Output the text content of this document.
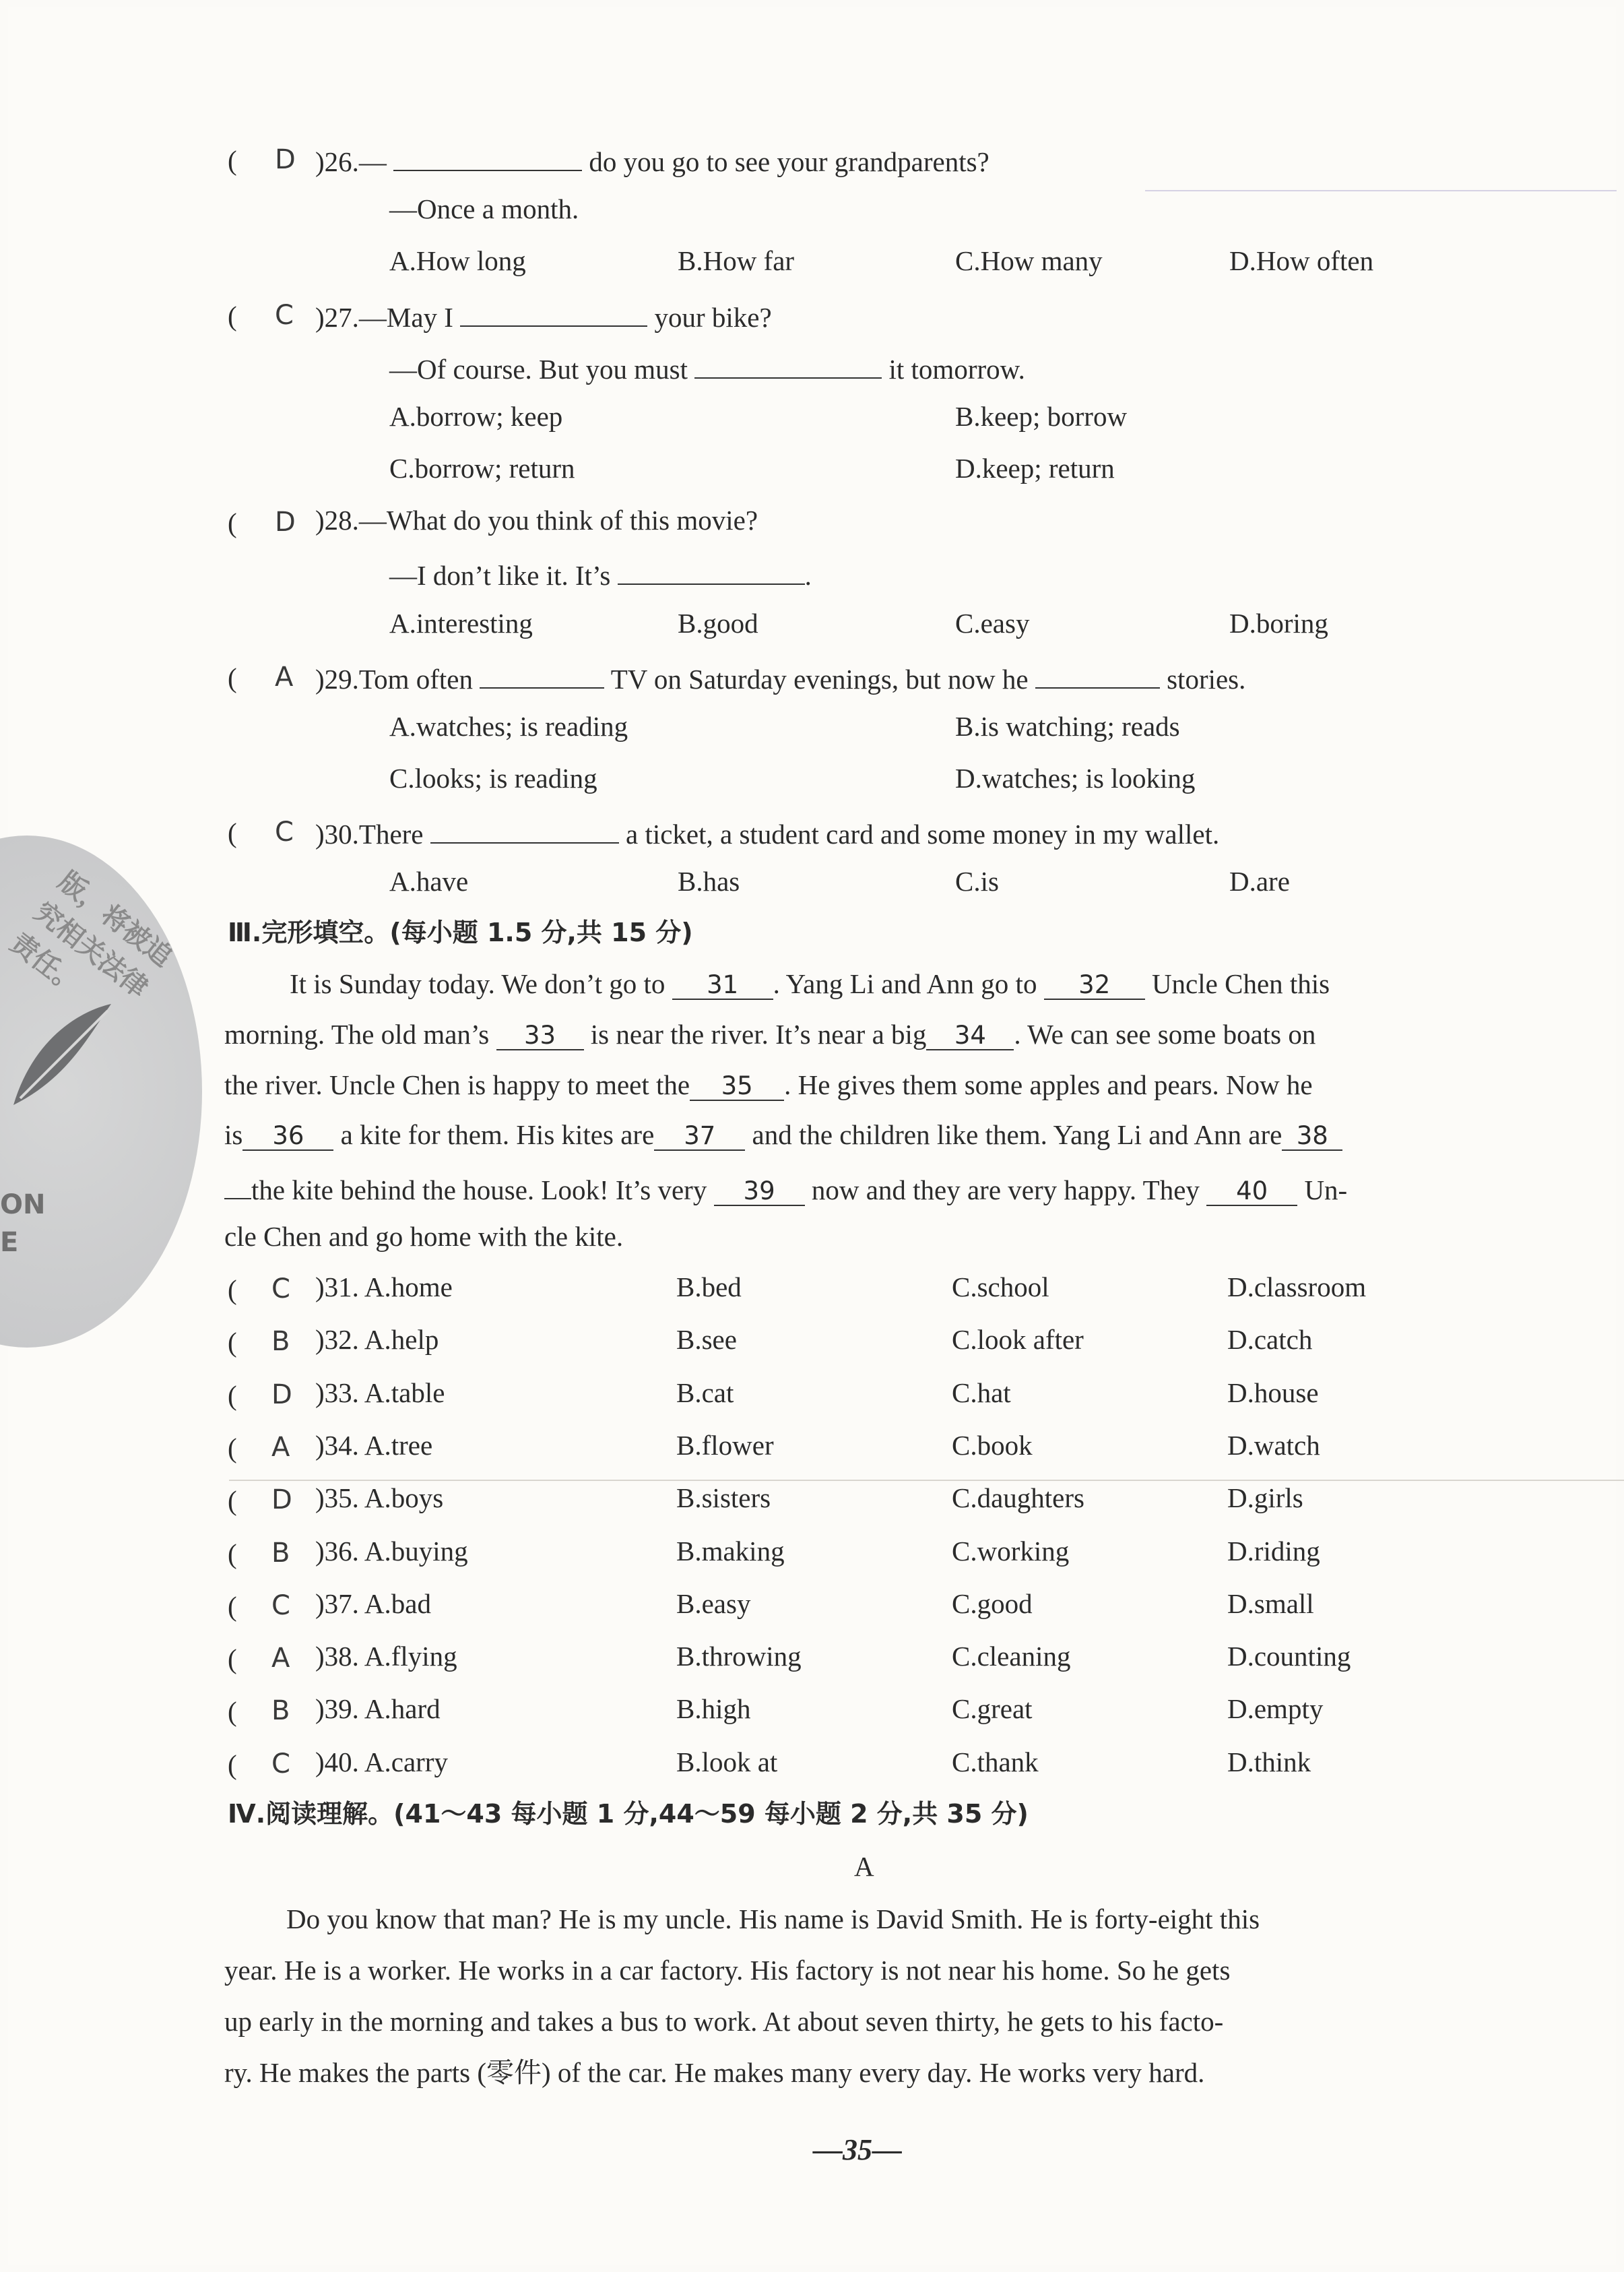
版，将被追究相关法律责任。
ON
E
( D )26.—	do you go to see your grandparents?
—Once a month.
A.How long	B.How far	C.How many	D.How often
( C )27.—May I	your bike?
—Of course. But you must	it tomorrow.
A.borrow; keep	B.keep; borrow
C.borrow; return	D.keep; return
( D )28.—What do you think of this movie?
—I don’t like it. It’s	.
A.interesting	B.good	C.easy	D.boring
( A )29.Tom often	TV on Saturday evenings, but now he	stories.
A.watches; is reading	B.is watching; reads
C.looks; is reading	D.watches; is looking
( C )30.There	a ticket, a student card and some money in my wallet.
A.have	B.has	C.is	D.are
Ⅲ.完形填空。(每小题 1.5 分,共 15 分)
It is Sunday today. We don’t go to 31 . Yang Li and Ann go to 32 Uncle Chen this
morning. The old man’s 33 is near the river. It’s near a big 34 . We can see some boats on
the river. Uncle Chen is happy to meet the 35 . He gives them some apples and pears. Now he
is 36 a kite for them. His kites are 37 and the children like them. Yang Li and Ann are 38
the kite behind the house. Look! It’s very 39 now and they are very happy. They 40 Un-
cle Chen and go home with the kite.
( C )31. A.home	B.bed	C.school	D.classroom
( B )32. A.help	B.see	C.look after	D.catch
( D )33. A.table	B.cat	C.hat	D.house
( A )34. A.tree	B.flower	C.book	D.watch
( D )35. A.boys	B.sisters	C.daughters	D.girls
( B )36. A.buying	B.making	C.working	D.riding
( C )37. A.bad	B.easy	C.good	D.small
( A )38. A.flying	B.throwing	C.cleaning	D.counting
( B )39. A.hard	B.high	C.great	D.empty
( C )40. A.carry	B.look at	C.thank	D.think
Ⅳ.阅读理解。(41～43 每小题 1 分,44～59 每小题 2 分,共 35 分)
A
Do you know that man? He is my uncle. His name is David Smith. He is forty-eight this
year. He is a worker. He works in a car factory. His factory is not near his home. So he gets
up early in the morning and takes a bus to work. At about seven thirty, he gets to his facto-
ry. He makes the parts (零件) of the car. He makes many every day. He works very hard.
—35—
